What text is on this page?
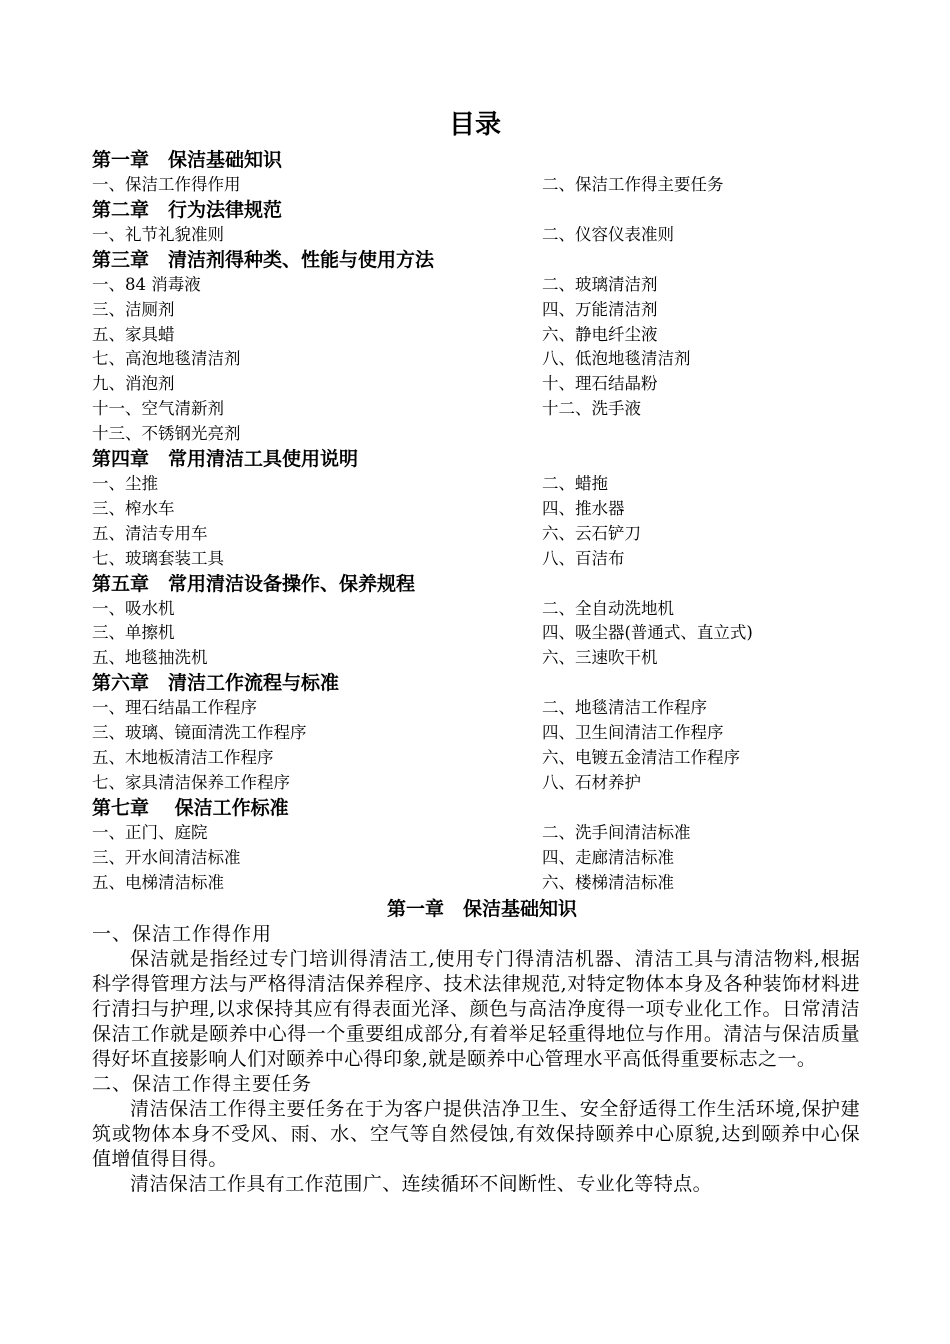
目录
第一章　保洁基础知识
一、保洁工作得作用	二、保洁工作得主要任务
第二章　行为法律规范
一、礼节礼貌准则	二、仪容仪表准则
第三章　清洁剂得种类、性能与使用方法
一、84 消毒液	二、玻璃清洁剂
三、洁厕剂	四、万能清洁剂
五、家具蜡	六、静电纤尘液
七、高泡地毯清洁剂	八、低泡地毯清洁剂
九、消泡剂	十、理石结晶粉
十一、空气清新剂	十二、洗手液
十三、不锈钢光亮剂
第四章　常用清洁工具使用说明
一、尘推	二、蜡拖
三、榨水车	四、推水器
五、清洁专用车	六、云石铲刀
七、玻璃套装工具	八、百洁布
第五章　常用清洁设备操作、保养规程
一、吸水机	二、全自动洗地机
三、单擦机	四、吸尘器(普通式、直立式)
五、地毯抽洗机	六、三速吹干机
第六章　清洁工作流程与标准
一、理石结晶工作程序	二、地毯清洁工作程序
三、玻璃、镜面清洗工作程序	四、卫生间清洁工作程序
五、木地板清洁工作程序	六、电镀五金清洁工作程序
七、家具清洁保养工作程序	八、石材养护
第七章　 保洁工作标准
一、正门、庭院	二、洗手间清洁标准
三、开水间清洁标准	四、走廊清洁标准
五、电梯清洁标准	六、楼梯清洁标准
第一章　保洁基础知识
一、保洁工作得作用

保洁就是指经过专门培训得清洁工,使用专门得清洁机器、清洁工具与清洁物料,根据科学得管理方法与严格得清洁保养程序、技术法律规范,对特定物体本身及各种装饰材料进行清扫与护理,以求保持其应有得表面光泽、颜色与高洁净度得一项专业化工作。日常清洁保洁工作就是颐养中心得一个重要组成部分,有着举足轻重得地位与作用。清洁与保洁质量得好坏直接影响人们对颐养中心得印象,就是颐养中心管理水平高低得重要标志之一。

二、保洁工作得主要任务

清洁保洁工作得主要任务在于为客户提供洁净卫生、安全舒适得工作生活环境,保护建筑或物体本身不受风、雨、水、空气等自然侵蚀,有效保持颐养中心原貌,达到颐养中心保值增值得目得。

清洁保洁工作具有工作范围广、连续循环不间断性、专业化等特点。
